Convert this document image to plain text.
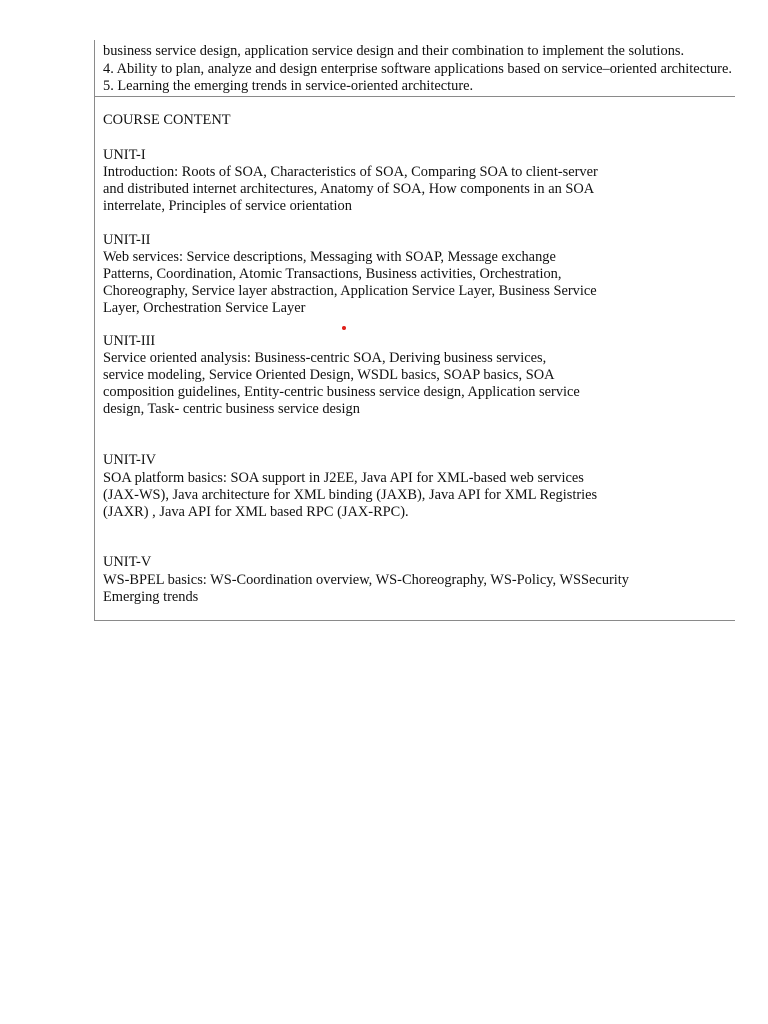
business service design, application service design and their combination to implement the solutions.
4. Ability to plan, analyze and design enterprise software applications based on service–oriented architecture.
5. Learning the emerging trends in service-oriented architecture.
COURSE CONTENT
UNIT-I
Introduction: Roots of SOA, Characteristics of SOA, Comparing SOA to client-server
and distributed internet architectures, Anatomy of SOA, How components in an SOA
interrelate, Principles of service orientation
UNIT-II
Web services: Service descriptions, Messaging with SOAP, Message exchange
Patterns, Coordination, Atomic Transactions, Business activities, Orchestration,
Choreography, Service layer abstraction, Application Service Layer, Business Service
Layer, Orchestration Service Layer
UNIT-III
Service oriented analysis: Business-centric SOA, Deriving business services,
service modeling, Service Oriented Design, WSDL basics, SOAP basics, SOA
composition guidelines, Entity-centric business service design, Application service
design, Task- centric business service design
UNIT-IV
SOA platform basics: SOA support in J2EE, Java API for XML-based web services
(JAX-WS), Java architecture for XML binding (JAXB), Java API for XML Registries
(JAXR) , Java API for XML based RPC (JAX-RPC).
UNIT-V
WS-BPEL basics: WS-Coordination overview, WS-Choreography, WS-Policy, WSSecurity
Emerging trends
